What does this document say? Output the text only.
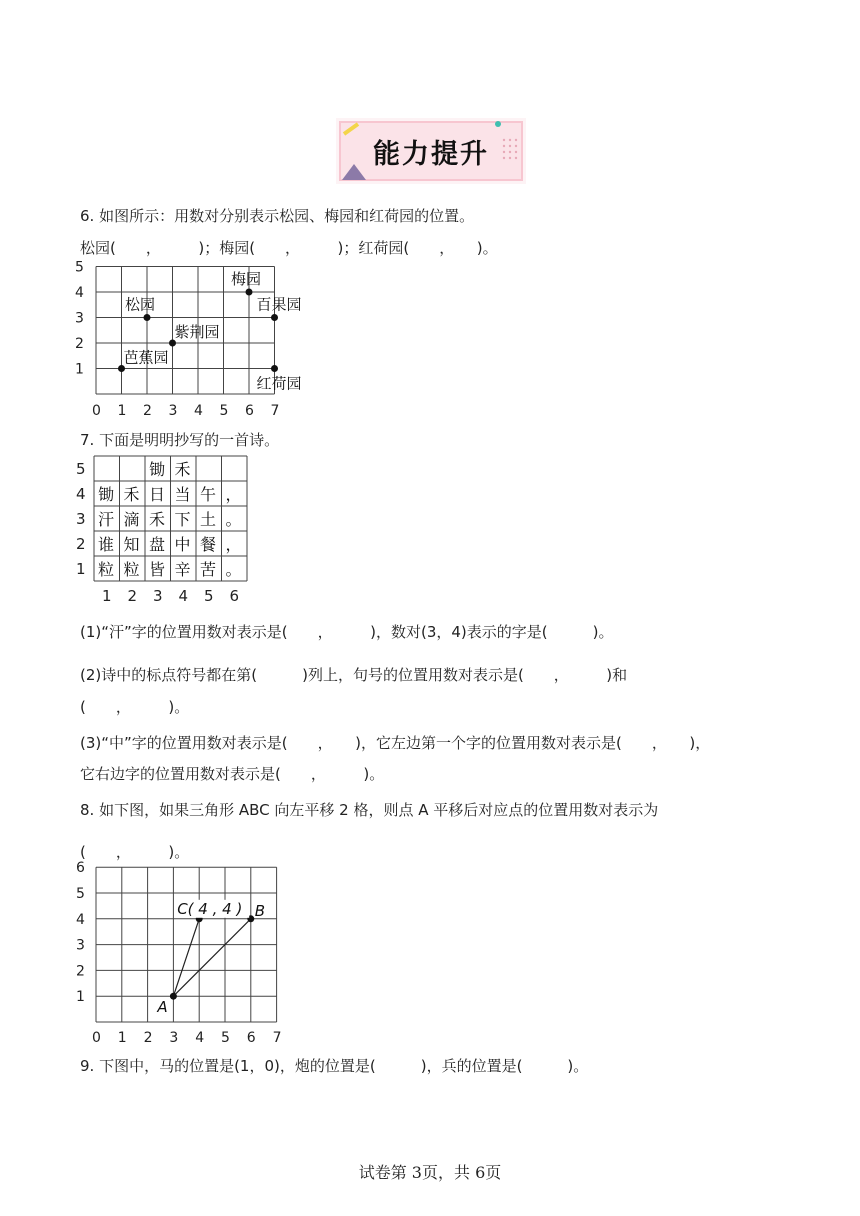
能力提升
6. 如图所示：用数对分别表示松园、梅园和红荷园的位置。
松园(　　，　　　)；梅园(　　，　　　)；红荷园(　　，　　)。
0 1 2 3 4 5 6 7
1
2
3
4
5
松园
梅园
百果园
紫荆园
芭蕉园
红荷园
7. 下面是明明抄写的一首诗。
5
4
3
2
1
1 2 3 4 5 6
锄 禾
锄 禾 日 当 午 ，
汗 滴 禾 下 土 。
谁 知 盘 中 餐 ，
粒 粒 皆 辛 苦 。
(1)“汗”字的位置用数对表示是(　　，　　　)，数对(3，4)表示的字是(　　　)。
(2)诗中的标点符号都在第(　　　)列上，句号的位置用数对表示是(　　，　　　)和
(　　，　　　)。
(3)“中”字的位置用数对表示是(　　，　　)，它左边第一个字的位置用数对表示是(　　，　　)，
它右边字的位置用数对表示是(　　，　　　)。
8. 如下图，如果三角形 ABC 向左平移 2 格，则点 A 平移后对应点的位置用数对表示为
(　　，　　　)。
0 1 2 3 4 5 6 7
1
2
3
4
5
6
A
B
C( 4 , 4 )
9. 下图中，马的位置是(1，0)，炮的位置是(　　　)，兵的位置是(　　　)。
试卷第 3页，共 6页
